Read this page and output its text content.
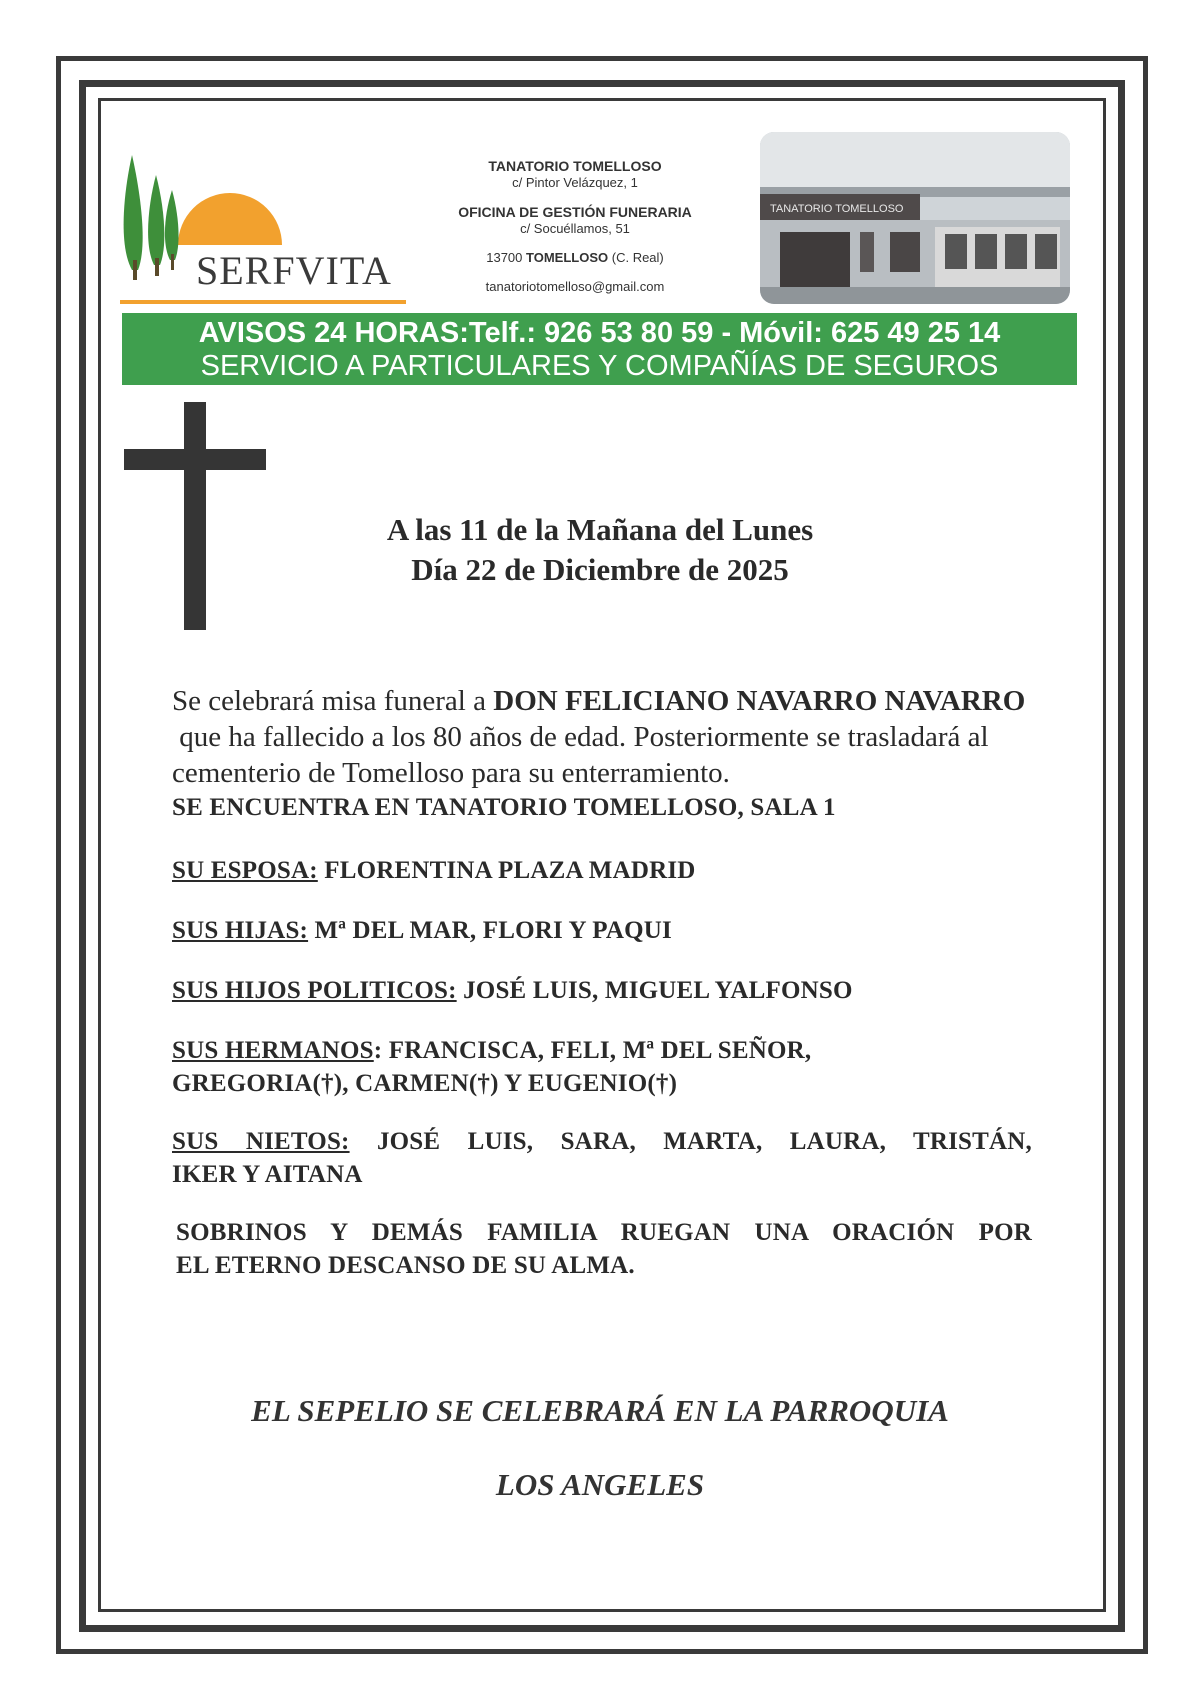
SERFVITA
TANATORIO TOMELLOSO
c/ Pintor Velázquez, 1
OFICINA DE GESTIÓN FUNERARIA
c/ Socuéllamos, 51
13700 TOMELLOSO (C. Real)
tanatoriotomelloso@gmail.com
TANATORIO TOMELLOSO
AVISOS 24 HORAS:Telf.: 926 53 80 59 - Móvil: 625 49 25 14
SERVICIO A PARTICULARES Y COMPAÑÍAS DE SEGUROS
A las 11 de la Mañana del Lunes
Día 22 de Diciembre de 2025
Se celebrará misa funeral a DON FELICIANO NAVARRO NAVARRO  que ha fallecido a los 80 años de edad. Posteriormente se trasladará al cementerio de Tomelloso para su enterramiento.
SE ENCUENTRA EN TANATORIO TOMELLOSO, SALA 1
SU ESPOSA: FLORENTINA PLAZA MADRID
SUS HIJAS: Mª DEL MAR, FLORI Y PAQUI
SUS HIJOS POLITICOS: JOSÉ LUIS, MIGUEL YALFONSO
SUS HERMANOS: FRANCISCA, FELI, Mª DEL SEÑOR,
GREGORIA(†), CARMEN(†) Y EUGENIO(†)
SUS NIETOS: JOSÉ LUIS, SARA, MARTA, LAURA, TRISTÁN,
IKER Y AITANA
SOBRINOS Y DEMÁS FAMILIA RUEGAN UNA ORACIÓN POR
EL ETERNO DESCANSO DE SU ALMA.
EL SEPELIO SE CELEBRARÁ EN LA PARROQUIA
LOS ANGELES
